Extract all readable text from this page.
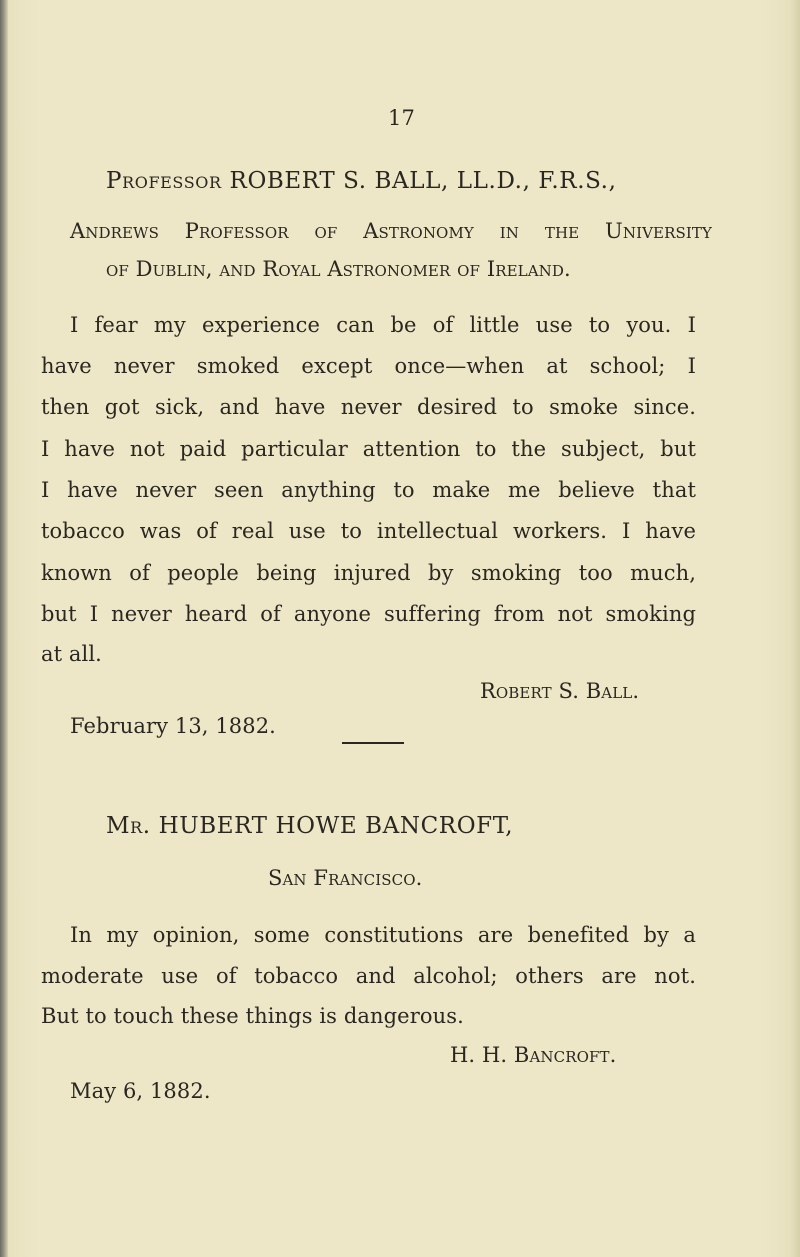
17
Professor ROBERT S. BALL, LL.D., F.R.S.,
Andrews Professor of Astronomy in the University
of Dublin, and Royal Astronomer of Ireland.
I fear my experience can be of little use to you. I
have never smoked except once—when at school; I
then got sick, and have never desired to smoke since.
I have not paid particular attention to the subject, but
I have never seen anything to make me believe that
tobacco was of real use to intellectual workers. I have
known of people being injured by smoking too much,
but I never heard of anyone suffering from not smoking
at all.
Robert S. Ball.
February 13, 1882.
Mr. HUBERT HOWE BANCROFT,
San Francisco.
In my opinion, some constitutions are benefited by a
moderate use of tobacco and alcohol; others are not.
But to touch these things is dangerous.
H. H. Bancroft.
May 6, 1882.
